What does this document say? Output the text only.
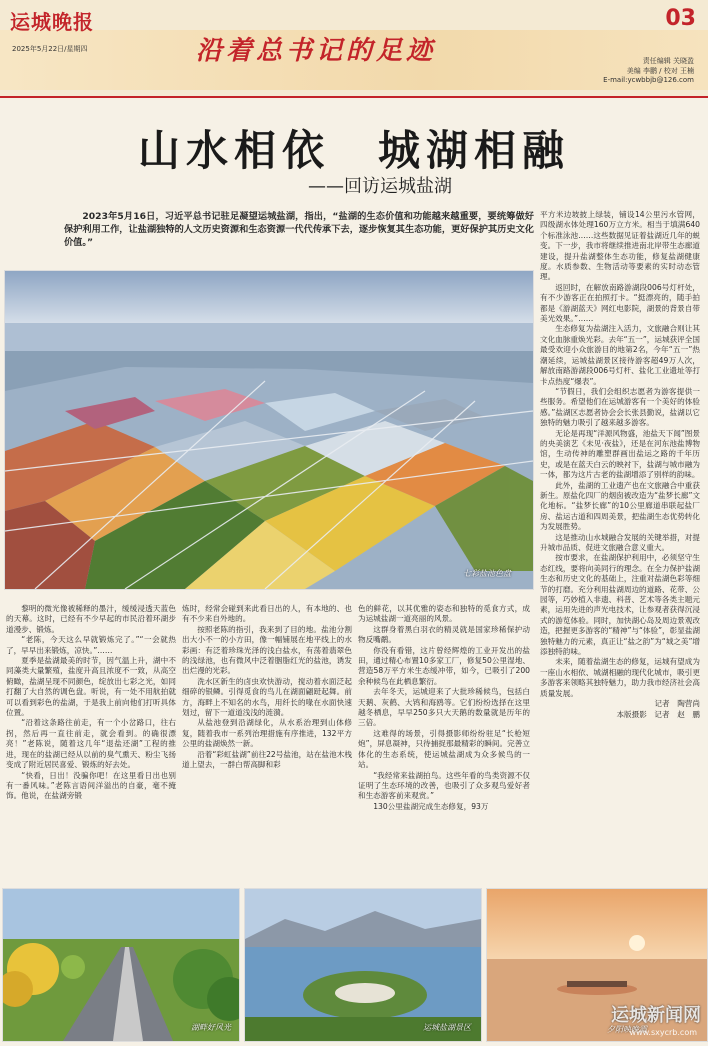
运城晚报
2025年5月22日/星期四	沿着总书记的足迹
03
责任编辑 关晓盈
美编 李鹏 / 校对 王楠
E-mail:ycwbbjb@126.com
山水相依　城湖相融
——回访运城盐湖

2023年5月16日，习近平总书记驻足凝望运城盐湖，指出，“盐湖的生态价值和功能越来越重要，要统筹做好保护利用工作，让盐湖独特的人文历史资源和生态资源一代代传承下去，逐步恢复其生态功能，更好保护其历史文化价值。”

七彩盐池色盘

黎明的微光像被稀释的墨汁，缓缓浸透天蓝色的天幕。这时，已经有不少早起的市民沿着环湖步道漫步、锻炼。

“老陈，今天这么早就锻炼完了。”“一会就热了，早早出来锻炼，凉快。”……

夏季是盐湖最美的时节，因气温上升，湖中不同藻类大量繁殖，盐度升高且浓度不一致，从高空俯瞰，盐湖呈现不同颜色，绽放出七彩之光，如同打翻了大自然的调色盘。听说，有一处不用航拍就可以看到彩色的盐湖，于是我上前向他们打听具体位置。

“沿着这条路往前走，有一个小岔路口，往右拐，然后再一直往前走，就会看到。的确很漂亮！”老陈说，随着这几年“退盐还湖”工程的推进，现在的盐湖已经从以前的臭气熏天、粉尘飞扬变成了附近居民喜爱、锻炼的好去处。

“快看，日出！没骗你吧！在这里看日出也别有一番风味。”老陈言语间洋溢出的自豪，毫不掩饰。他说，在盐湖旁锻

炼时，经常会碰到来此看日出的人，有本地的、也有不少来自外地的。

按照老陈的指引，我来到了目的地。盐池分割出大小不一的小方田，像一幅铺展在地平线上的水彩画：有泛着珍珠光泽的浅白盐水，有荡着翡翠色的浅绿池，也有微风中泛着胭脂红光的盐池，诱发出烂漫的光彩。

洗水区新生的卤虫欢快游动，搅动着水面泛起细碎的银鳞。引得觅食的鸟儿在湖面翩跹起舞。前方，海畔上不知名的水鸟，用纤长的喙在水面快速划过，留下一道道浅浅的涟漪。

从盐池登到沿湖绿化，从水系治理到山体修复，随着我市一系列治理措施有序推进，132平方公里的盐湖焕然一新。

沿着“彩虹盐湖”前往22号盐池，站在盐池木栈道上望去，一群白帮高脚和彩

色的鲜花，以其优雅的姿态和独特的觅食方式，成为运城盐湖一道亮丽的风景。

这群身着黑白羽衣的精灵就是国家珍稀保护动物反嘴鹬。

你没有看错，这片曾经辉煌的工业开发出的盐田，通过精心布置10多家工厂，修复50公里湿地、营造58万平方米生态缓冲带，如今，已吸引了200余种候鸟在此栖息繁衍。

去年冬天，运城迎来了大批珍稀候鸟，包括白天鹅、灰鹤、大鸨和海鸥等。它们纷纷选择在这里越冬栖息，早早250多只大天鹅的数量就是历年的三倍。

这难得的场景，引得摄影师纷纷驻足“长枪短炮”，屏息凝神，只待捕捉那最精彩的瞬间。完善立体化的生态系统，使运城盐湖成为众多候鸟的一站。

“我经常来盐湖拍鸟。这些年看的鸟类资源不仅证明了生态环境的改善，也吸引了众多观鸟爱好者和生态游客前来观赏。”

130公里盐湖完成生态修复，93万

平方米边坡披上绿装，铺设14公里污水管网，四级湖水体处理160万立方米。相当于填满640个标准泳池……这些数据见证着盐湖近几年的蜕变。下一步，我市将继续推进南北岸带生态廊道建设，提升盐湖整体生态功能，修复盐湖健康度。水质参数、生物活动等要素的实时动态管理。

返回时，在解放南路游湖段006号灯杆处，有不少游客正在拍照打卡。“挺漂亮的，随手拍都是《游湖蓝天》网红电影院，湖景的背景自带美光效果。”……

生态修复为盐湖注入活力，文旅融合则让其文化血脉重焕光彩。去年“五一”，运城获评全国最受欢迎小众旅游目的地第2名，今年“五一”热潮延续，运城盐湖景区接待游客超49万人次，解放南路游湖段006号灯杆、盐化工业遗址等打卡点热度“爆表”。

“节假日，我们会组织志愿者为游客提供一些服务。希望他们在运城游客有一个美好的体验感。”盐湖区志愿者协会会长张县勤说，盐湖以它独特的魅力吸引了越来越多游客。

无论是再现“洋源风物盛，池盐天下闻”图景的央美演艺《未见·夜盐》，还是在河东池盐博物馆，生动传神的雕塑群画出盐运之路的千年历史，或是在蓝天白云的映衬下，盐湖与城市融为一体，都为这片古老的盐湖增添了别样的韵味。

此外，盐湖的工业遗产也在文旅融合中重获新生。原盐化四厂的烟囱被改造为“盐梦长廊”文化地标。“盐梦长廊”的10公里廊道串联起盐厂房、盐运古道和四周美景，把盐湖生态优势转化为发展胜势。

这是推动山水城融合发展的关键举措，对提升城市品质、促进文旅融合意义重大。

按市要求，在盐湖保护利用中，必须坚守生态红线，要将向美同行的理念。在全力保护盐湖生态和历史文化的基础上，注重对盐湖色彩等细节的打磨。充分利用盐湖周边的道路、花带、公园等，巧妙植入非遗、科普、艺术等各类主题元素，运用先进的声光电技术，让参观者获得沉浸式的游览体验。同时，加快湖心岛及周边景观改造，把握更多游客的“精神”与“体验”，彰显盐湖独特魅力的元素，真正让“盐之韵”为“城之美”增添独特韵味。

未来，随着盐湖生态的修复，运城有望成为一座山水相依、城湖相融的现代化城市，吸引更多游客来领略其独特魅力，助力我市经济社会高质量发展。

记者　陶营尚

本版摄影　记者　赵　鹏

湖畔好风光	运城盐湖景区	夕阳映晚霞
运城新闻网
www.sxycrb.com
